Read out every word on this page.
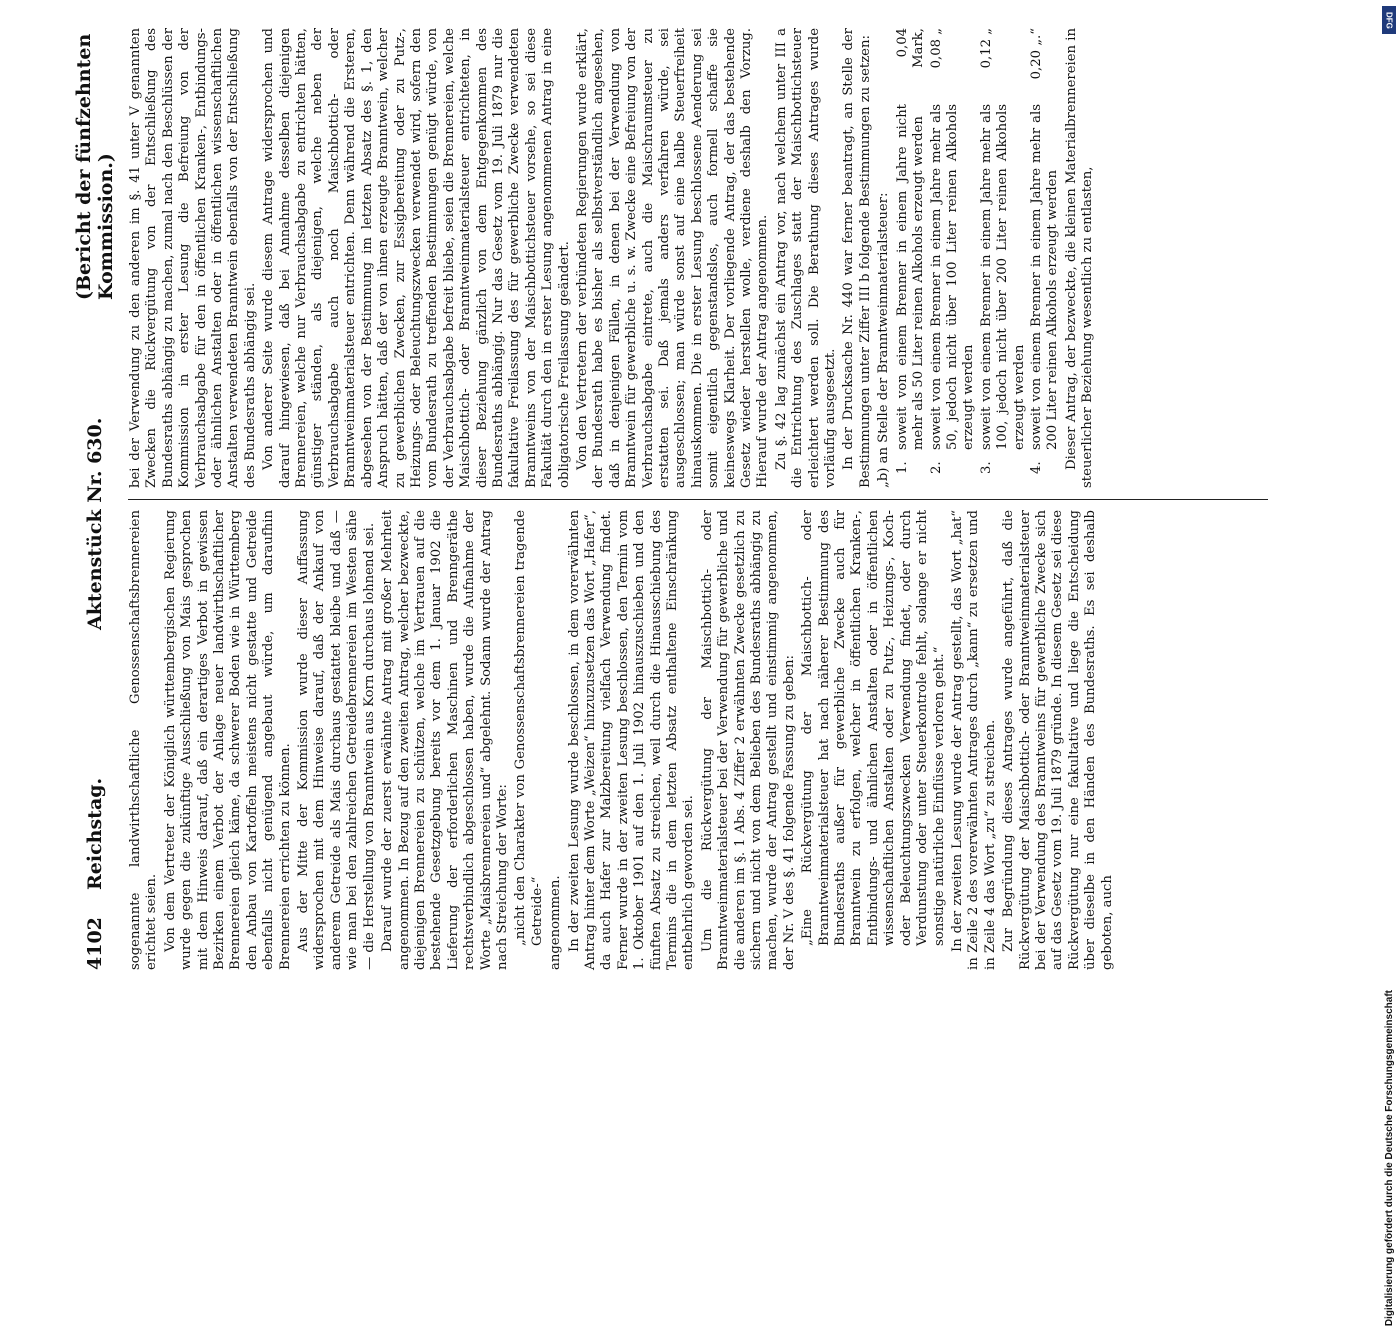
4102
Reichstag.
Aktenstück Nr. 630.
(Bericht der fünfzehnten Kommission.)

sogenannte landwirthschaftliche Genossenschaftsbrennereien erichtet seien. Von dem Vertreter der Königlich württembergischen Regierung wurde gegen die zukünftige Ausschließung von Mais gesprochen mit dem Hinweis darauf, daß ein derartiges Verbot in gewissen Bezirken einem Verbot der Anlage neuer landwirthschaftlicher Brennereien gleich käme, da schwerer Boden wie in Württemberg den Anbau von Kartoffeln meistens nicht gestatte und Getreide ebenfalls nicht genügend angebaut würde, um daraufhin Brennereien errichten zu können. Aus der Mitte der Kommission wurde dieser Auffassung widersprochen mit dem Hinweise darauf, daß der Ankauf von anderem Getreide als Mais durchaus gestattet bleibe und daß — wie man bei den zahlreichen Getreidebrennereien im Westen sähe — die Herstellung von Branntwein aus Korn durchaus lohnend sei. Darauf wurde der zuerst erwähnte Antrag mit großer Mehrheit angenommen. In Bezug auf den zweiten Antrag, welcher bezweckte, diejenigen Brennereien zu schützen, welche im Vertrauen auf die bestehende Gesetzgebung bereits vor dem 1. Januar 1902 die Lieferung der erforderlichen Maschinen und Brenngeräthe rechtsverbindlich abgeschlossen haben, wurde die Aufnahme der Worte „Maisbrennereien und“ abgelehnt. Sodann wurde der Antrag nach Streichung der Worte: „nicht den Charakter von Genossenschaftsbrennereien tragende Getreide-“ angenommen. In der zweiten Lesung wurde beschlossen, in dem vorerwähnten Antrag hinter dem Worte „Weizen“ hinzuzusetzen das Wort „Hafer“, da auch Hafer zur Malzbereitung vielfach Verwendung findet. Ferner wurde in der zweiten Lesung beschlossen, den Termin vom 1. Oktober 1901 auf den 1. Juli 1902 hinauszuschieben und den fünften Absatz zu streichen, weil durch die Hinausschiebung des Termins die in dem letzten Absatz enthaltene Einschränkung entbehrlich geworden sei. Um die Rückvergütung der Maischbottich- oder Branntweinmaterialsteuer bei der Verwendung für gewerbliche und die anderen im §. 1 Abs. 4 Ziffer 2 erwähnten Zwecke gesetzlich zu sichern und nicht von dem Belieben des Bundesraths abhängig zu machen, wurde der Antrag gestellt und einstimmig angenommen, der Nr. V des §. 41 folgende Fassung zu geben: „Eine Rückvergütung der Maischbottich- oder Branntweinmaterialsteuer hat nach näherer Bestimmung des Bundesraths außer für gewerbliche Zwecke auch für Branntwein zu erfolgen, welcher in öffentlichen Kranken-, Entbindungs- und ähnlichen Anstalten oder in öffentlichen wissenschaftlichen Anstalten oder zu Putz-, Heizungs-, Koch- oder Beleuchtungszwecken Verwendung findet, oder durch Verdunstung oder unter Steuerkontrole fehlt, solange er nicht sonstige natürliche Einflüsse verloren geht.“ In der zweiten Lesung wurde der Antrag gestellt, das Wort „hat“ in Zeile 2 des vorerwähnten Antrages durch „kann“ zu ersetzen und in Zeile 4 das Wort „zu“ zu streichen. Zur Begründung dieses Antrages wurde angeführt, daß die Rückvergütung der Maischbottich- oder Branntweinmaterialsteuer bei der Verwendung des Branntweins für gewerbliche Zwecke sich auf das Gesetz vom 19. Juli 1879 gründe. In diesem Gesetz sei diese Rückvergütung nur eine fakultative und liege die Entscheidung über dieselbe in den Händen des Bundesraths. Es sei deshalb geboten, auch

bei der Verwendung zu den anderen im §. 41 unter V genannten Zwecken die Rückvergütung von der Entschließung des Bundesraths abhängig zu machen, zumal nach den Beschlüssen der Kommission in erster Lesung die Befreiung von der Verbrauchsabgabe für den in öffentlichen Kranken-, Entbindungs- oder ähnlichen Anstalten oder in öffentlichen wissenschaftlichen Anstalten verwendeten Branntwein ebenfalls von der Entschließung des Bundesraths abhängig sei. Von anderer Seite wurde diesem Antrage widersprochen und darauf hingewiesen, daß bei Annahme desselben diejenigen Brennereien, welche nur Verbrauchsabgabe zu entrichten hätten, günstiger ständen, als diejenigen, welche neben der Verbrauchsabgabe auch noch Maischbottich- oder Branntweinmaterialsteuer entrichten. Denn während die Ersteren, abgesehen von der Bestimmung im letzten Absatz des §. 1, den Anspruch hätten, daß der von ihnen erzeugte Branntwein, welcher zu gewerblichen Zwecken, zur Essigbereitung oder zu Putz-, Heizungs- oder Beleuchtungszwecken verwendet wird, sofern den vom Bundesrath zu treffenden Bestimmungen genügt würde, von der Verbrauchsabgabe befreit bliebe, seien die Brennereien, welche Maischbottich- oder Branntweinmaterialsteuer entrichteten, in dieser Beziehung gänzlich von dem Entgegenkommen des Bundesraths abhängig. Nur das Gesetz vom 19. Juli 1879 nur die fakultative Freilassung des für gewerbliche Zwecke verwendeten Branntweins von der Maischbottichsteuer vorsehe, so sei diese Fakultät durch den in erster Lesung angenommenen Antrag in eine obligatorische Freilassung geändert. Von den Vertretern der verbündeten Regierungen wurde erklärt, der Bundesrath habe es bisher als selbstverständlich angesehen, daß in denjenigen Fällen, in denen bei der Verwendung von Branntwein für gewerbliche u. s. w. Zwecke eine Befreiung von der Verbrauchsabgabe eintrete, auch die Maischraumsteuer zu erstatten sei. Daß jemals anders verfahren würde, sei ausgeschlossen; man würde sonst auf eine halbe Steuerfreiheit hinauskommen. Die in erster Lesung beschlossene Aenderung sei somit eigentlich gegenstandslos, auch formell schaffe sie keineswegs Klarheit. Der vorliegende Antrag, der das bestehende Gesetz wieder herstellen wolle, verdiene deshalb den Vorzug. Hierauf wurde der Antrag angenommen. Zu §. 42 lag zunächst ein Antrag vor, nach welchem unter III a die Entrichtung des Zuschlages statt der Maischbottichsteuer erleichtert werden soll. Die Berathung dieses Antrages wurde vorläufig ausgesetzt. In der Drucksache Nr. 440 war ferner beantragt, an Stelle der Bestimmungen unter Ziffer III b folgende Bestimmungen zu setzen: „b) an Stelle der Branntweinmaterialsteuer: 1.
soweit von einem Brenner in einem Jahre nicht mehr als 50 Liter reinen Alkohols erzeugt werden
0,04 Mark,
2.
soweit von einem Brenner in einem Jahre mehr als 50, jedoch nicht über 100 Liter reinen Alkohols erzeugt werden
0,08 „
3.
soweit von einem Brenner in einem Jahre mehr als 100, jedoch nicht über 200 Liter reinen Alkohols erzeugt werden
0,12 „
4.
soweit von einem Brenner in einem Jahre mehr als 200 Liter reinen Alkohols erzeugt werden
0,20 „.“	Dieser Antrag, der bezweckte, die kleinen Materialbrennereien in steuerlicher Beziehung wesentlich zu entlasten,

DFG
Digitalisierung gefördert durch die Deutsche Forschungsgemeinschaft
